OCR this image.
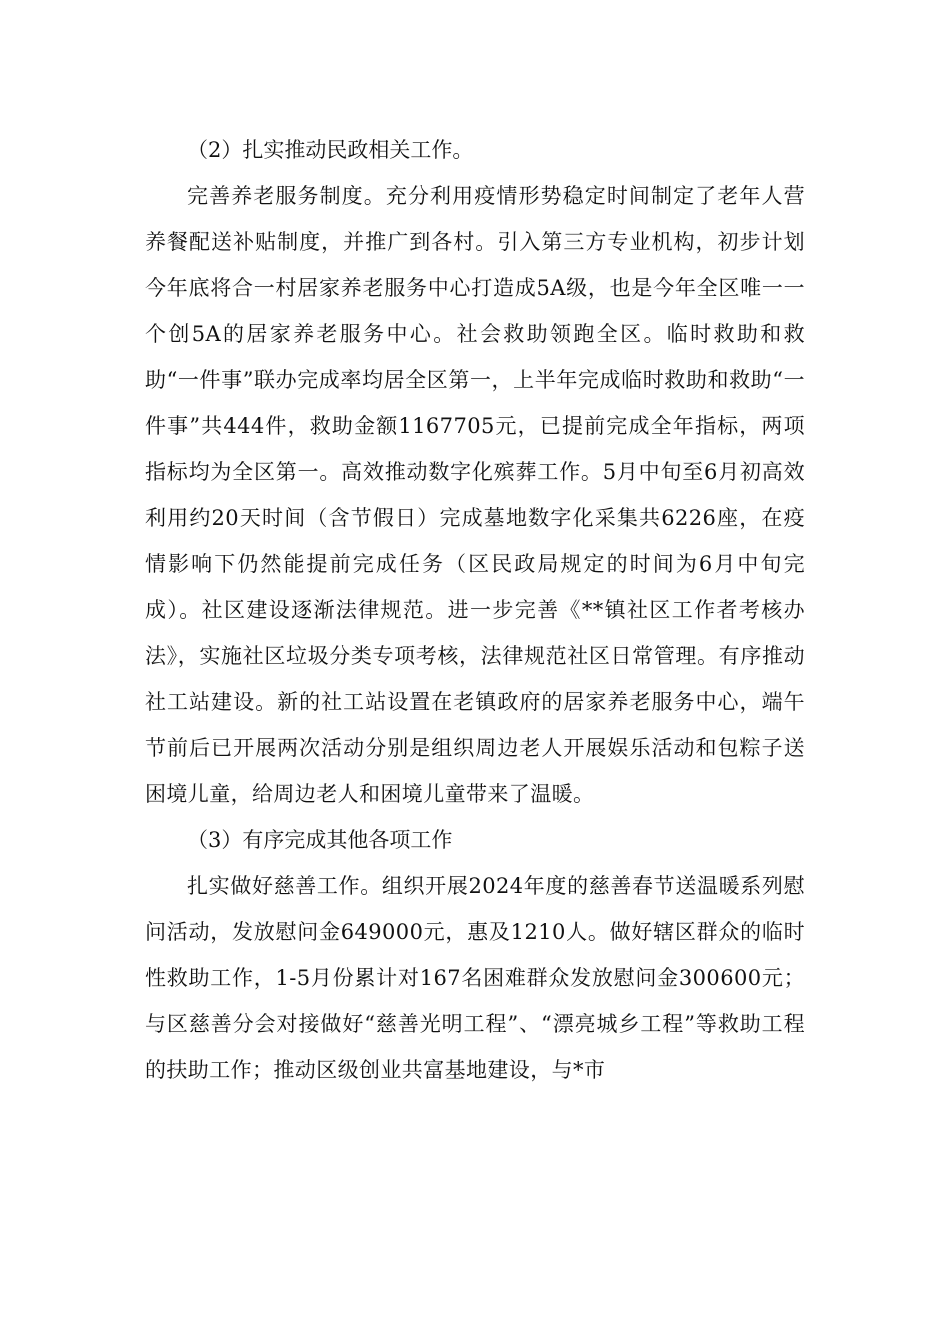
（2）扎实推动民政相关工作。

完善养老服务制度。充分利用疫情形势稳定时间制定了老年人营养餐配送补贴制度，并推广到各村。引入第三方专业机构，初步计划今年底将合一村居家养老服务中心打造成5A级，也是今年全区唯一一个创5A的居家养老服务中心。社会救助领跑全区。临时救助和救助“一件事”联办完成率均居全区第一，上半年完成临时救助和救助“一件事”共444件，救助金额1167705元，已提前完成全年指标，两项指标均为全区第一。高效推动数字化殡葬工作。5月中旬至6月初高效利用约20天时间（含节假日）完成墓地数字化采集共6226座，在疫情影响下仍然能提前完成任务（区民政局规定的时间为6月中旬完成）。社区建设逐渐法律规范。进一步完善《**镇社区工作者考核办法》，实施社区垃圾分类专项考核，法律规范社区日常管理。有序推动社工站建设。新的社工站设置在老镇政府的居家养老服务中心，端午节前后已开展两次活动分别是组织周边老人开展娱乐活动和包粽子送困境儿童，给周边老人和困境儿童带来了温暖。

（3）有序完成其他各项工作

扎实做好慈善工作。组织开展2024年度的慈善春节送温暖系列慰问活动，发放慰问金649000元，惠及1210人。做好辖区群众的临时性救助工作，1-5月份累计对167名困难群众发放慰问金300600元；与区慈善分会对接做好“慈善光明工程”、“漂亮城乡工程”等救助工程的扶助工作；推动区级创业共富基地建设，与*市
